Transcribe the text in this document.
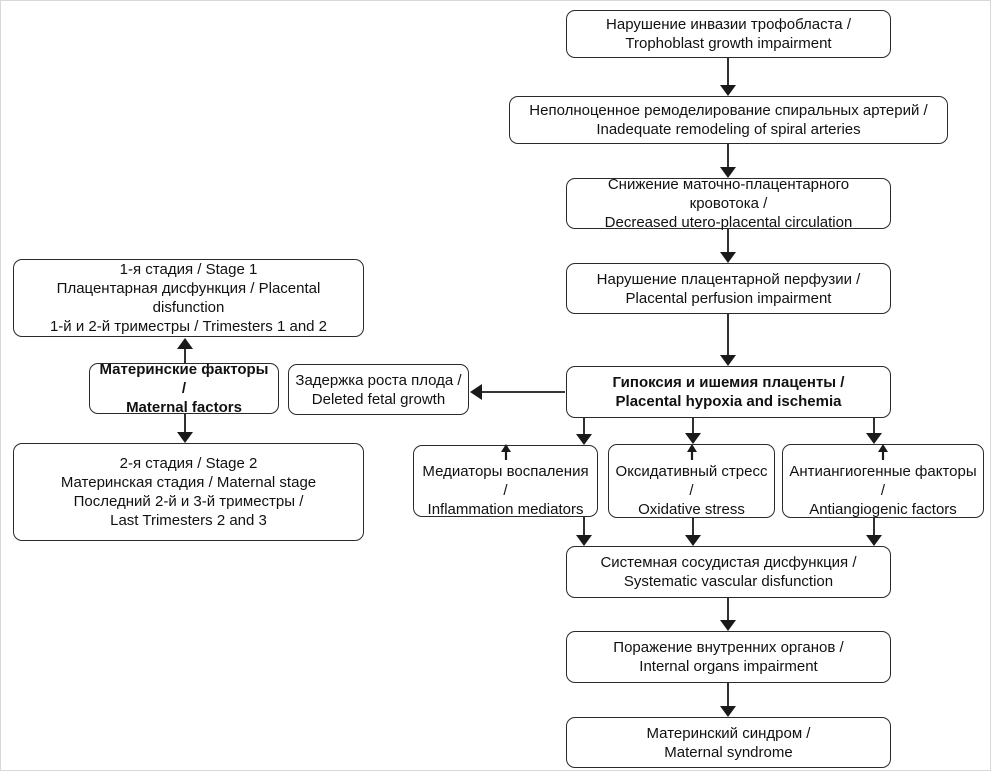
Нарушение инвазии трофобласта /
Trophoblast growth impairment
Неполноценное ремоделирование спиральных артерий /
Inadequate remodeling of spiral arteries
Снижение маточно-плацентарного кровотока /
Decreased utero-placental circulation
Нарушение плацентарной перфузии /
Placental perfusion impairment
Гипоксия и ишемия плаценты /
Placental hypoxia and ischemia
Медиаторы воспаления /
Inflammation mediators
Оксидативный стресс /
Oxidative stress
Антиангиогенные факторы /
Antiangiogenic factors
Системная сосудистая дисфункция /
Systematic vascular disfunction
Поражение внутренних органов /
Internal organs impairment
Материнский синдром /
Maternal syndrome
1-я стадия / Stage 1
Плацентарная дисфункция / Placental disfunction
1-й и 2-й триместры / Trimesters 1 and 2
Материнские факторы /
Maternal factors
Задержка роста плода /
Deleted fetal growth
2-я стадия / Stage 2
Материнская стадия / Maternal stage
Последний 2-й и 3-й триместры /
Last Trimesters 2 and 3
